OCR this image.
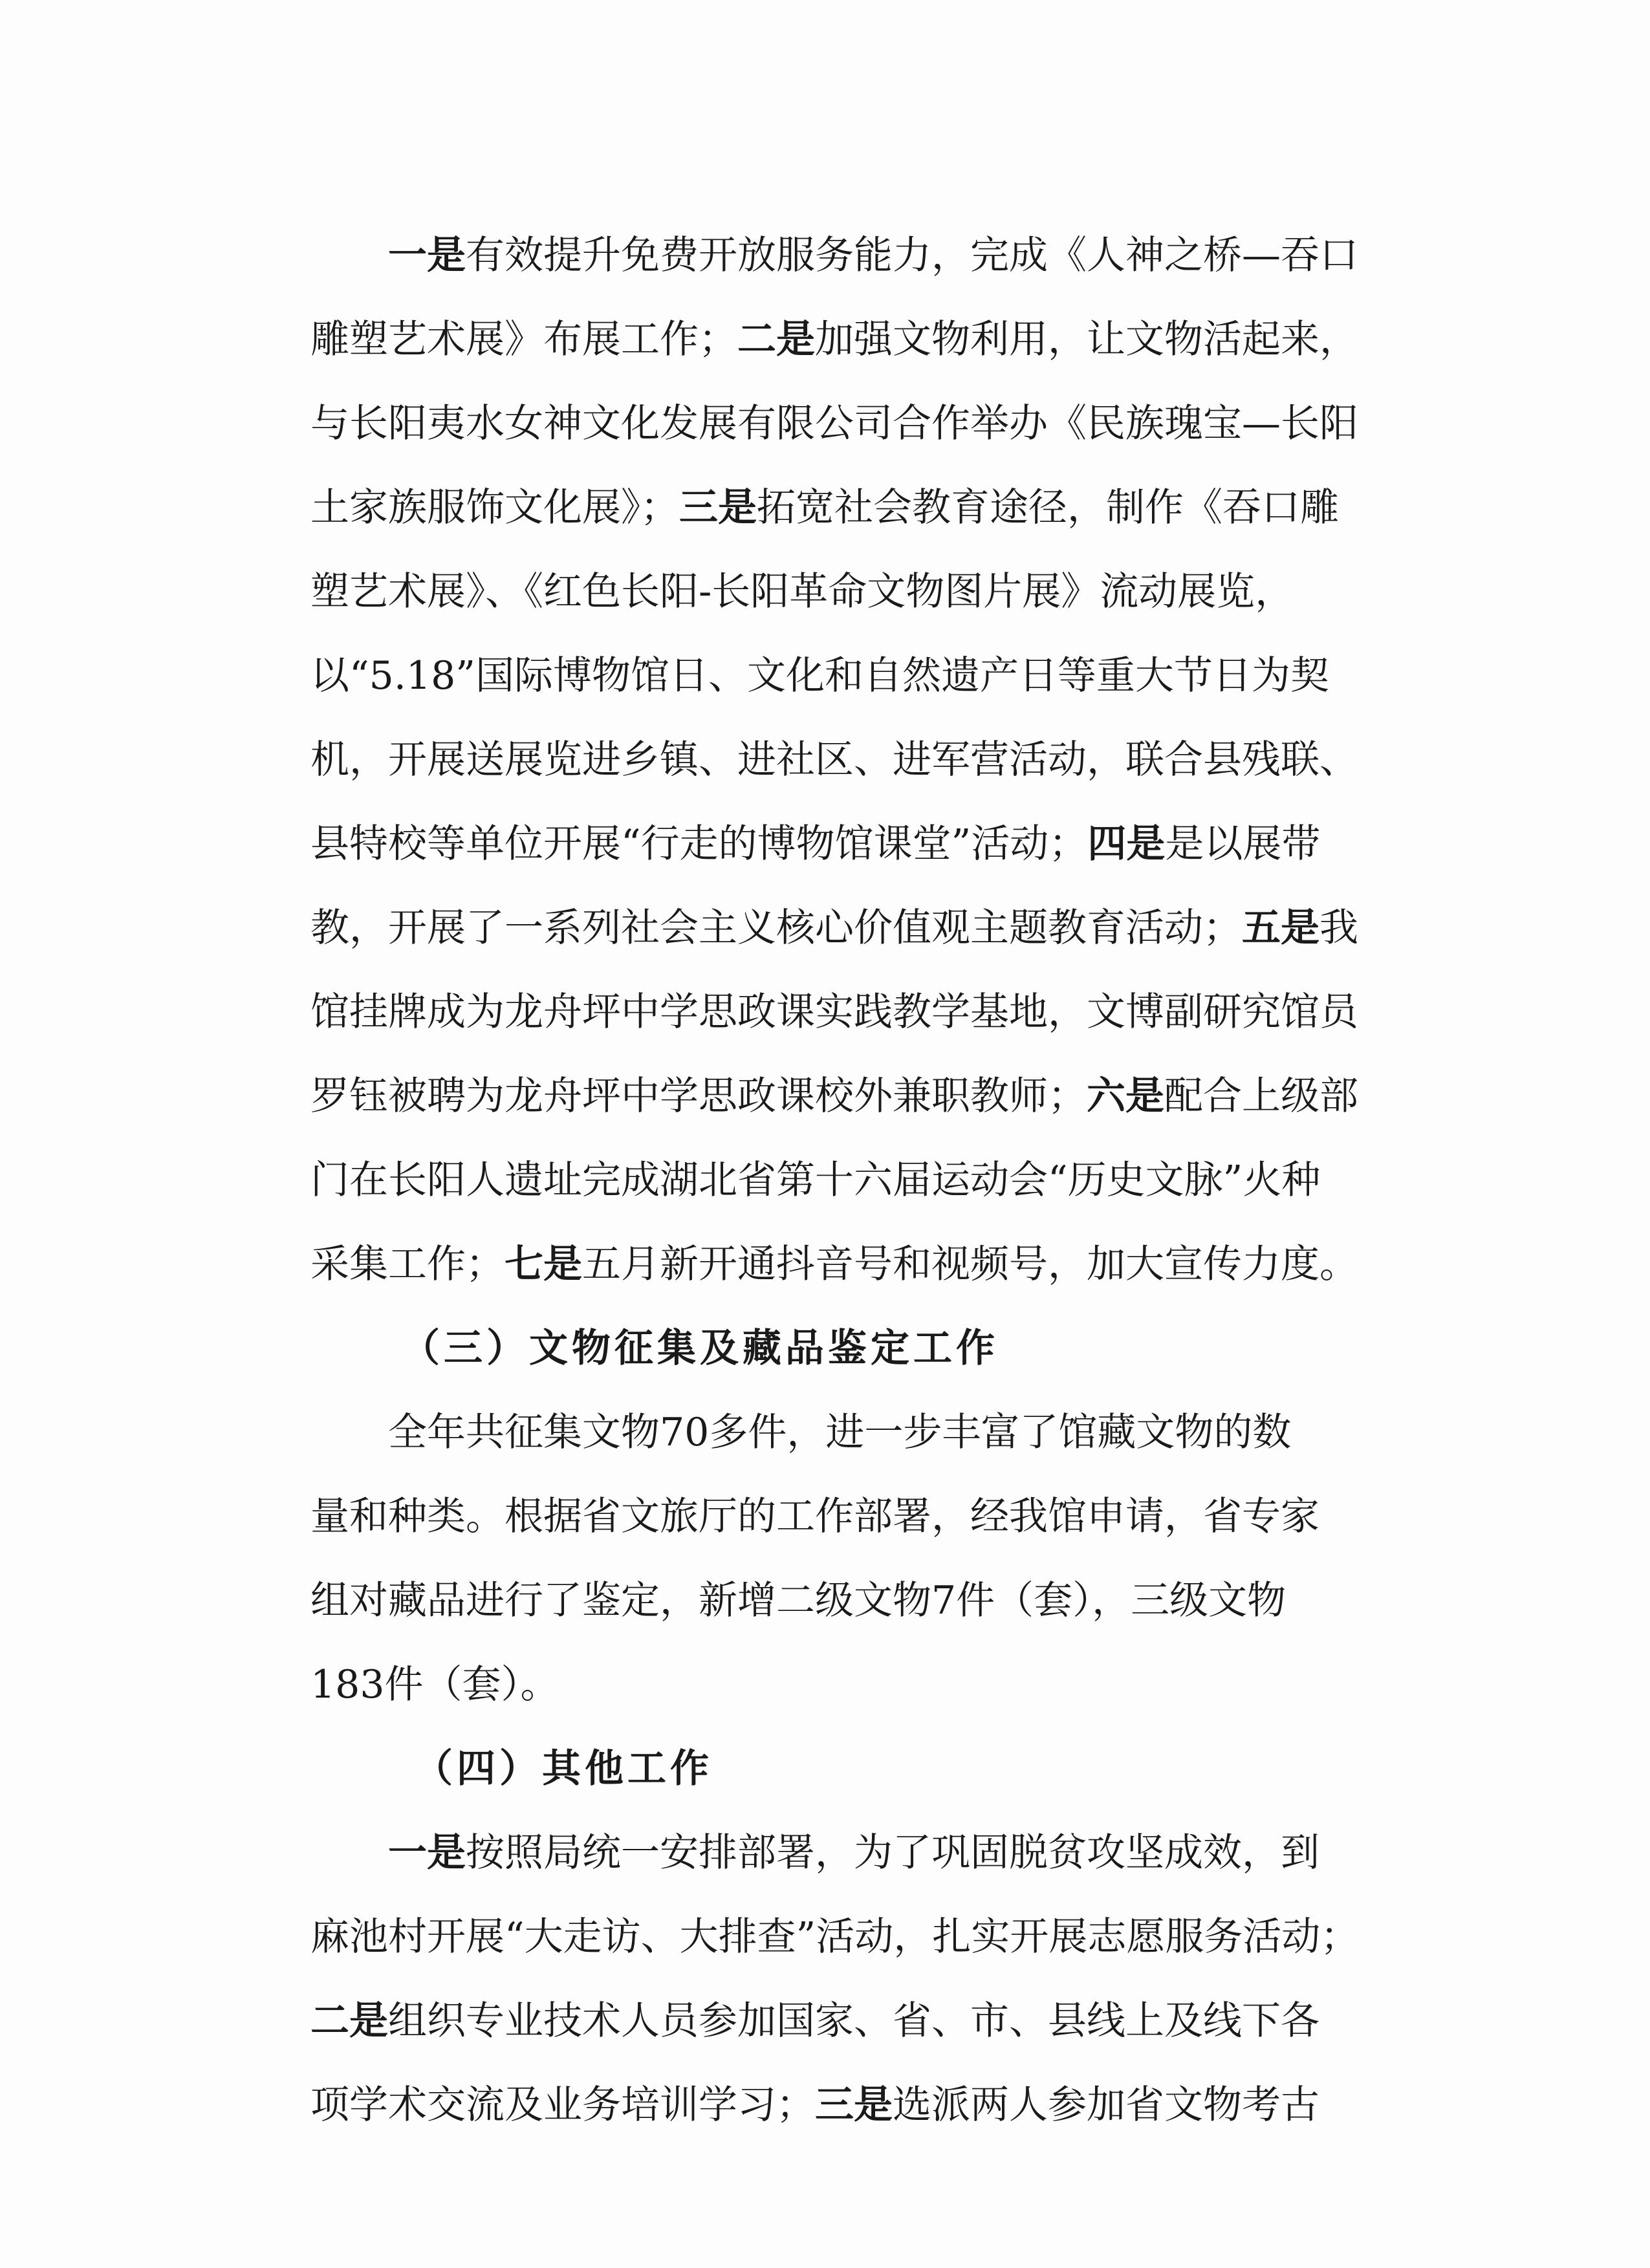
一是有效提升免费开放服务能力，完成《人神之桥—吞口
雕塑艺术展》布展工作；二是加强文物利用，让文物活起来，
与长阳夷水女神文化发展有限公司合作举办《民族瑰宝—长阳
土家族服饰文化展》；三是拓宽社会教育途径，制作《吞口雕
塑艺术展》、《红色长阳-长阳革命文物图片展》流动展览，
以“5.18”国际博物馆日、文化和自然遗产日等重大节日为契
机，开展送展览进乡镇、进社区、进军营活动，联合县残联、
县特校等单位开展“行走的博物馆课堂”活动；四是是以展带
教，开展了一系列社会主义核心价值观主题教育活动；五是我
馆挂牌成为龙舟坪中学思政课实践教学基地，文博副研究馆员
罗钰被聘为龙舟坪中学思政课校外兼职教师；六是配合上级部
门在长阳人遗址完成湖北省第十六届运动会“历史文脉”火种
采集工作；七是五月新开通抖音号和视频号，加大宣传力度。
（三）文物征集及藏品鉴定工作
全年共征集文物70多件，进一步丰富了馆藏文物的数
量和种类。根据省文旅厅的工作部署，经我馆申请，省专家
组对藏品进行了鉴定，新增二级文物7件（套），三级文物
183件（套）。
（四）其他工作
一是按照局统一安排部署，为了巩固脱贫攻坚成效，到
麻池村开展“大走访、大排查”活动，扎实开展志愿服务活动；
二是组织专业技术人员参加国家、省、市、县线上及线下各
项学术交流及业务培训学习；三是选派两人参加省文物考古
